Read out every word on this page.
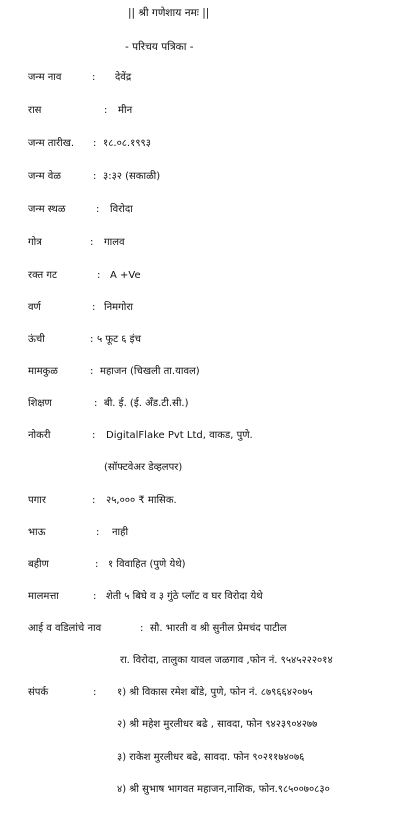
|| श्री गणेशाय नमः ||
- परिचय पत्रिका -
जन्म नाव	: देवेंद्र
रास	: मीन
जन्म तारीख. : १८.०८.१९९३
जन्म वेळ	: ३:३२ (सकाळी)
जन्म स्थळ	: विरोदा
गोत्र	: गालव
रक्त गट	: A +Ve
वर्ण	: निमगोरा
ऊंची	: ५ फूट ६ इंच
मामकुळ	: महाजन (चिखली ता.यावल)
शिक्षण	: बी. ई. (ई. अँड.टी.सी.)
नोकरी	: DigitalFlake Pvt Ltd, वाकड, पुणे.
(सॉफ्टवेअर डेव्हलपर)
पगार	: २५,००० ₹ मासिक.
भाऊ	: नाही
बहीण	: १ विवाहित (पुणे येथे)
मालमत्ता	: शेती ५ बिघे व ३ गुंठे प्लॉट व घर विरोदा येथे
आई व वडिलांचे नाव	: सौ. भारती व श्री सुनील प्रेमचंद पाटील
रा. विरोदा, तालुका यावल जळगाव ,फोन नं. ९५४५२२२०१४
संपर्क	: १) श्री विकास रमेश बोंडे, पुणे, फोन नं. ८७९६६४२०७५
२) श्री महेश मुरलीधर बढे , सावदा, फोन ९४२३९०४२७७
३) राकेश मुरलीधर बढे, सावदा. फोन ९०२११७४०७६
४) श्री सुभाष भागवत महाजन,नाशिक, फोन.९८५००७०८३०
